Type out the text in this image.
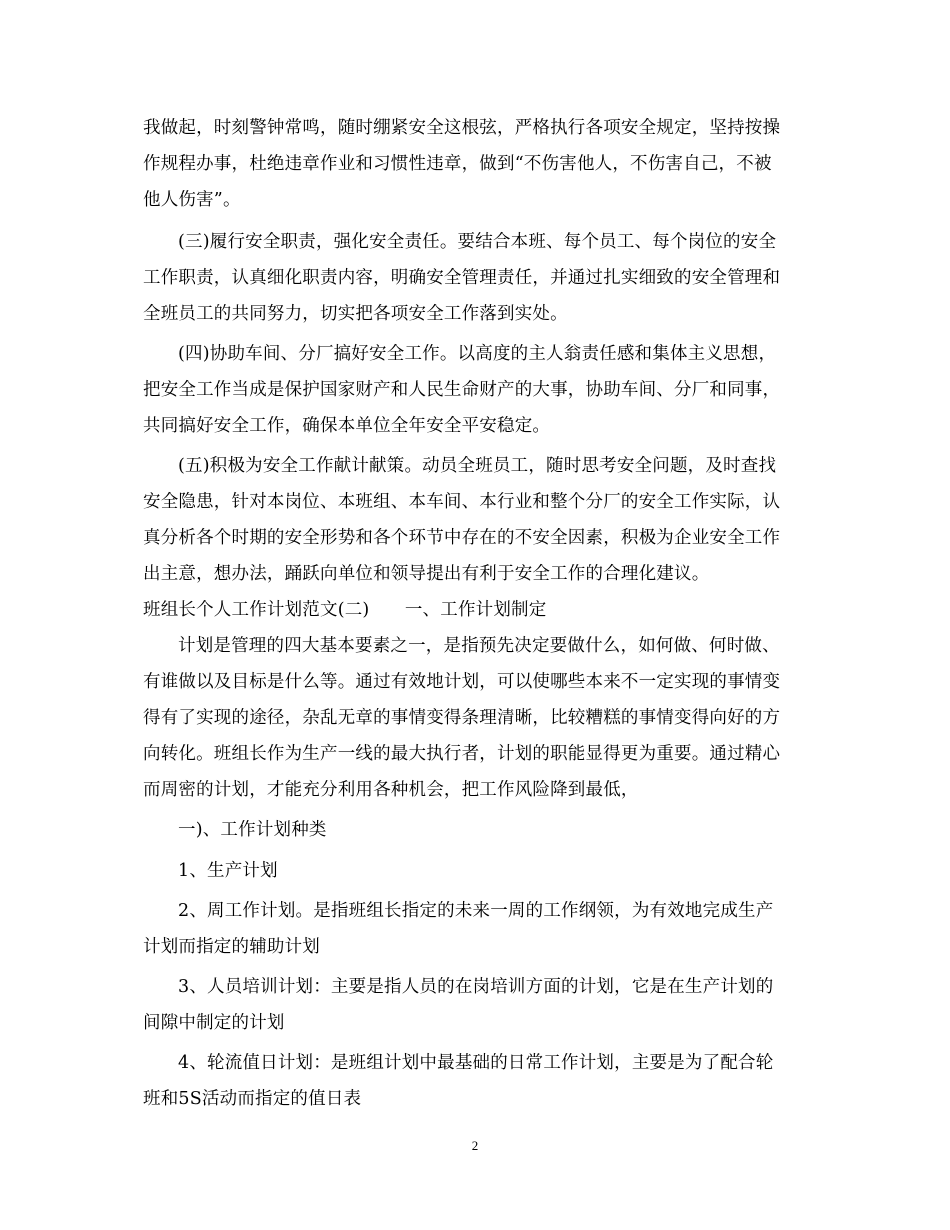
我做起，时刻警钟常鸣，随时绷紧安全这根弦，严格执行各项安全规定，坚持按操
作规程办事，杜绝违章作业和习惯性违章，做到“不伤害他人，不伤害自己，不被
他人伤害”。
(三)履行安全职责，强化安全责任。要结合本班、每个员工、每个岗位的安全
工作职责，认真细化职责内容，明确安全管理责任，并通过扎实细致的安全管理和
全班员工的共同努力，切实把各项安全工作落到实处。
(四)协助车间、分厂搞好安全工作。以高度的主人翁责任感和集体主义思想，
把安全工作当成是保护国家财产和人民生命财产的大事，协助车间、分厂和同事，
共同搞好安全工作，确保本单位全年安全平安稳定。
(五)积极为安全工作献计献策。动员全班员工，随时思考安全问题，及时查找
安全隐患，针对本岗位、本班组、本车间、本行业和整个分厂的安全工作实际，认
真分析各个时期的安全形势和各个环节中存在的不安全因素，积极为企业安全工作
出主意，想办法，踊跃向单位和领导提出有利于安全工作的合理化建议。
班组长个人工作计划范文(二)　　一、工作计划制定
计划是管理的四大基本要素之一，是指预先决定要做什么，如何做、何时做、
有谁做以及目标是什么等。通过有效地计划，可以使哪些本来不一定实现的事情变
得有了实现的途径，杂乱无章的事情变得条理清晰，比较糟糕的事情变得向好的方
向转化。班组长作为生产一线的最大执行者，计划的职能显得更为重要。通过精心
而周密的计划，才能充分利用各种机会，把工作风险降到最低，
一)、工作计划种类
1、生产计划
2、周工作计划。是指班组长指定的未来一周的工作纲领，为有效地完成生产
计划而指定的辅助计划
3、人员培训计划：主要是指人员的在岗培训方面的计划，它是在生产计划的
间隙中制定的计划
4、轮流值日计划：是班组计划中最基础的日常工作计划，主要是为了配合轮
班和5S活动而指定的值日表
2
